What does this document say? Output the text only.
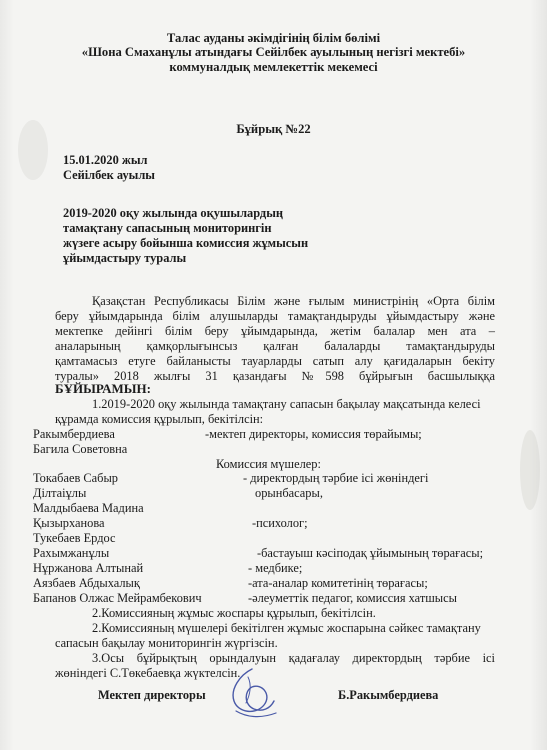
Талас ауданы әкімдігінің білім бөлімі
«Шона Смаханұлы атындағы Сейілбек ауылының негізгі мектебі»
коммуналдық мемлекеттік мекемесі
Бұйрық №22
15.01.2020 жыл
Сейілбек ауылы
2019-2020 оқу жылында оқушылардың
тамақтану сапасының мониторингін
жүзеге асыру бойынша комиссия жұмысын
ұйымдастыру туралы
Қазақстан Республикасы Білім және ғылым министрінің «Орта білім
беру ұйымдарында білім алушыларды тамақтандыруды ұйымдастыру және
мектепке дейінгі білім беру ұйымдарында, жетім балалар мен ата –
аналарының қамқорлығынсыз қалған балаларды тамақтандыруды
қамтамасыз етуге байланысты тауарларды сатып алу қағидаларын бекіту
туралы» 2018 жылғы 31 қазандағы №598 бұйрығын басшылыққа
БҰЙЫРАМЫН:
1.2019-2020 оқу жылында тамақтану сапасын бақылау мақсатында келесі
құрамда комиссия құрылып, бекітілсін:
Ракымбердиева	-мектеп директоры, комиссия төрайымы;
Багила Советовна
Комиссия мүшелер:
Токабаев Сабыр	- директордың тәрбие ісі жөніндегі
Ділтаіұлы	орынбасары,
Малдыбаева Мадина
Қызырханова	-психолог;
Тукебаев Ердос
Рахымжанұлы	-бастауыш кәсіподақ ұйымының төрағасы;
Нұржанова Алтынай	- медбике;
Аязбаев Абдыхалық	-ата-аналар комитетінің төрағасы;
Бапанов Олжас Мейрамбекович	-әлеуметтік педагог, комиссия хатшысы
2.Комиссияның жұмыс жоспары құрылып, бекітілсін.
2.Комиссияның мүшелері бекітілген жұмыс жоспарына сәйкес тамақтану
сапасын бақылау мониторингін жүргізсін.
3.Осы бұйрықтың орындалуын қадағалау директордың тәрбие ісі
жөніндегі С.Төкебаевқа жүктелсін.
Мектеп директоры	Б.Ракымбердиева
